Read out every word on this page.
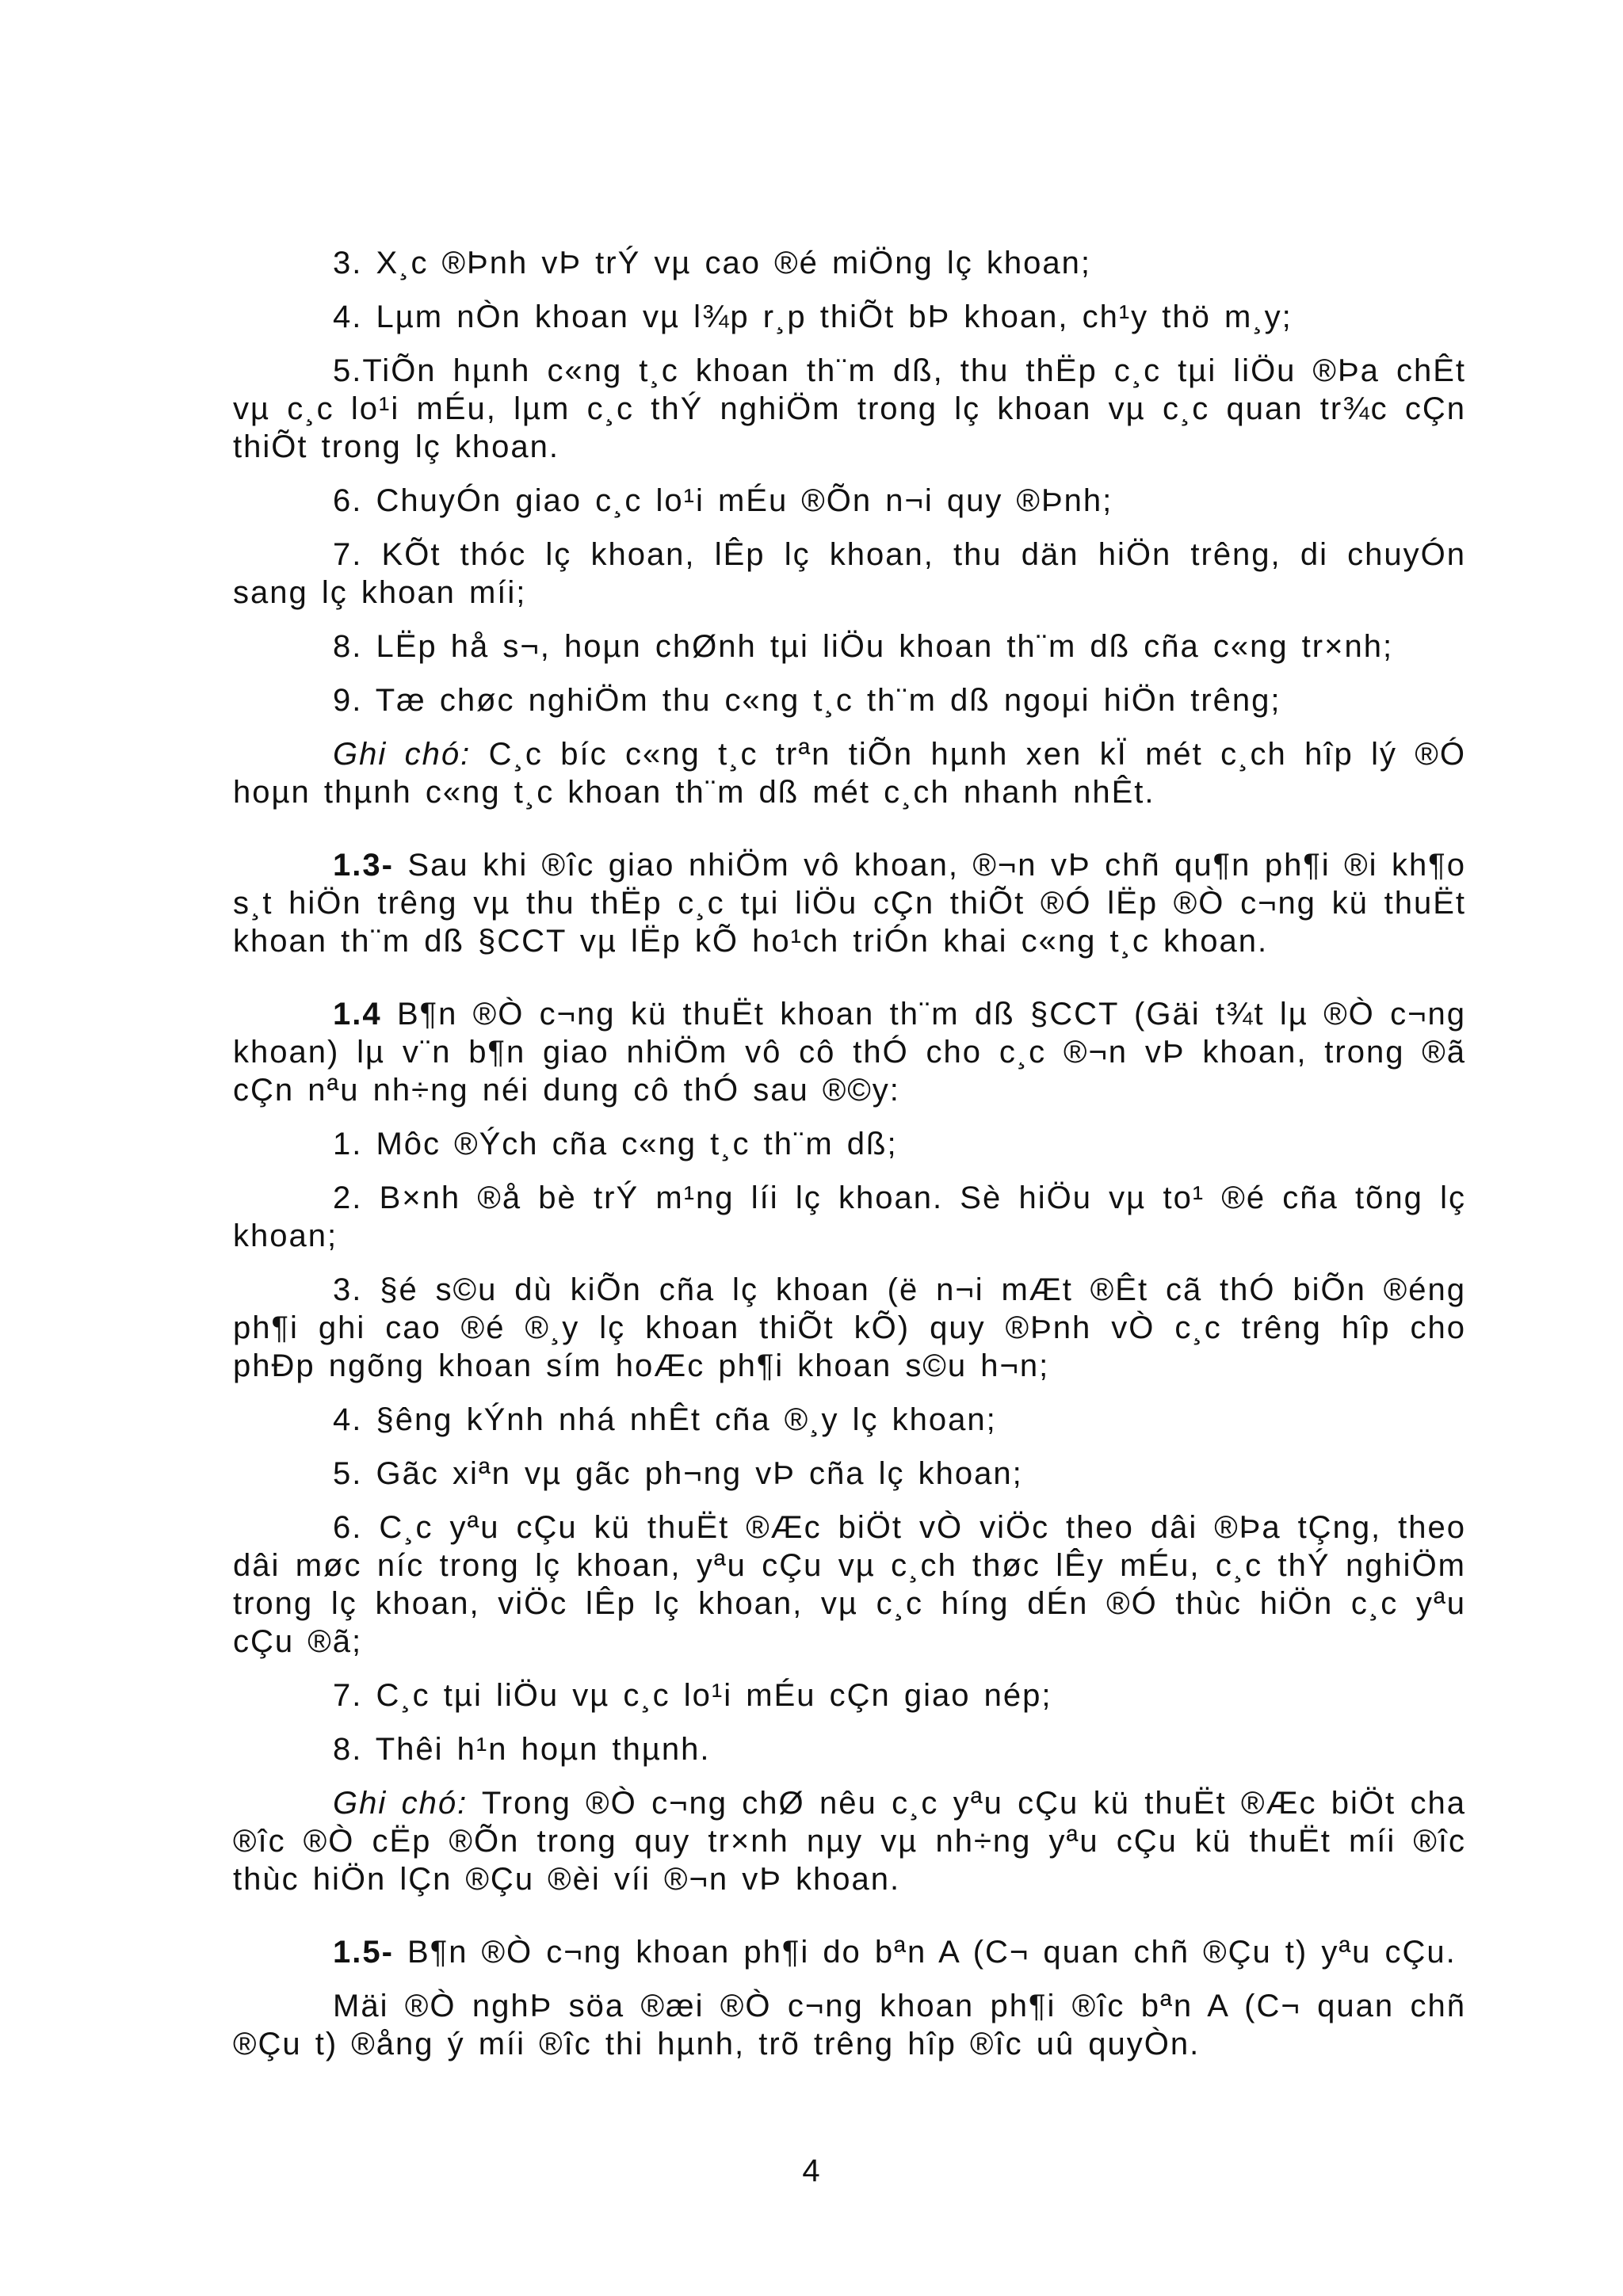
3. X¸c ®Þnh vÞ trÝ vµ cao ®é miÖng lç khoan;

4. Lµm nÒn khoan vµ l¾p r¸p thiÕt bÞ khoan, ch¹y thö m¸y;

5.TiÕn hµnh c«ng t¸c khoan th¨m dß, thu thËp c¸c tµi liÖu ®Þa chÊt vµ c¸c lo¹i mÉu, lµm c¸c thÝ nghiÖm trong lç khoan vµ c¸c quan tr¾c cÇn thiÕt trong lç khoan.

6. ChuyÓn giao c¸c lo¹i mÉu ®Õn n¬i quy ®Þnh;

7. KÕt thóc lç khoan, lÊp lç khoan, thu dän hiÖn trêng, di chuyÓn sang lç khoan míi;

8. LËp hå s¬, hoµn chØnh tµi liÖu khoan th¨m dß cña c«ng tr×nh;

9. Tæ chøc nghiÖm thu c«ng t¸c th¨m dß ngoµi hiÖn trêng;

Ghi chó: C¸c bíc c«ng t¸c trªn tiÕn hµnh xen kÏ mét c¸ch hîp lý ®Ó hoµn thµnh c«ng t¸c khoan th¨m dß mét c¸ch nhanh nhÊt.

1.3- Sau khi ®îc giao nhiÖm vô khoan, ®¬n vÞ chñ qu¶n ph¶i ®i kh¶o s¸t hiÖn trêng vµ thu thËp c¸c tµi liÖu cÇn thiÕt ®Ó lËp ®Ò c¬ng kü thuËt khoan th¨m dß §CCT vµ lËp kÕ ho¹ch triÓn khai c«ng t¸c khoan.

1.4 B¶n ®Ò c¬ng kü thuËt khoan th¨m dß §CCT (Gäi t¾t lµ ®Ò c¬ng khoan) lµ v¨n b¶n giao nhiÖm vô cô thÓ cho c¸c ®¬n vÞ khoan, trong ®ã cÇn nªu nh÷ng néi dung cô thÓ sau ®©y:

1. Môc ®Ých cña c«ng t¸c th¨m dß;

2. B×nh ®å bè trÝ m¹ng líi lç khoan. Sè hiÖu vµ to¹ ®é cña tõng lç khoan;

3. §é s©u dù kiÕn cña lç khoan (ë n¬i mÆt ®Êt cã thÓ biÕn ®éng ph¶i ghi cao ®é ®¸y lç khoan thiÕt kÕ) quy ®Þnh vÒ c¸c trêng hîp cho phÐp ngõng khoan sím hoÆc ph¶i khoan s©u h¬n;

4. §êng kÝnh nhá nhÊt cña ®¸y lç khoan;

5. Gãc xiªn vµ gãc ph¬ng vÞ cña lç khoan;

6. C¸c yªu cÇu kü thuËt ®Æc biÖt vÒ viÖc theo dâi ®Þa tÇng, theo dâi møc níc trong lç khoan, yªu cÇu vµ c¸ch thøc lÊy mÉu, c¸c thÝ nghiÖm trong lç khoan, viÖc lÊp lç khoan, vµ c¸c híng dÉn ®Ó thùc hiÖn c¸c yªu cÇu ®ã;

7. C¸c tµi liÖu vµ c¸c lo¹i mÉu cÇn giao nép;

8. Thêi h¹n hoµn thµnh.

Ghi chó: Trong ®Ò c¬ng chØ nêu c¸c yªu cÇu kü thuËt ®Æc biÖt cha ®îc ®Ò cËp ®Õn trong quy tr×nh nµy vµ nh÷ng yªu cÇu kü thuËt míi ®îc thùc hiÖn lÇn ®Çu ®èi víi ®¬n vÞ khoan.

1.5- B¶n ®Ò c¬ng khoan ph¶i do bªn A (C¬ quan chñ ®Çu t) yªu cÇu.

Mäi ®Ò nghÞ söa ®æi ®Ò c¬ng khoan ph¶i ®îc bªn A (C¬ quan chñ ®Çu t) ®ång ý míi ®îc thi hµnh, trõ trêng hîp ®îc uû quyÒn.

4
